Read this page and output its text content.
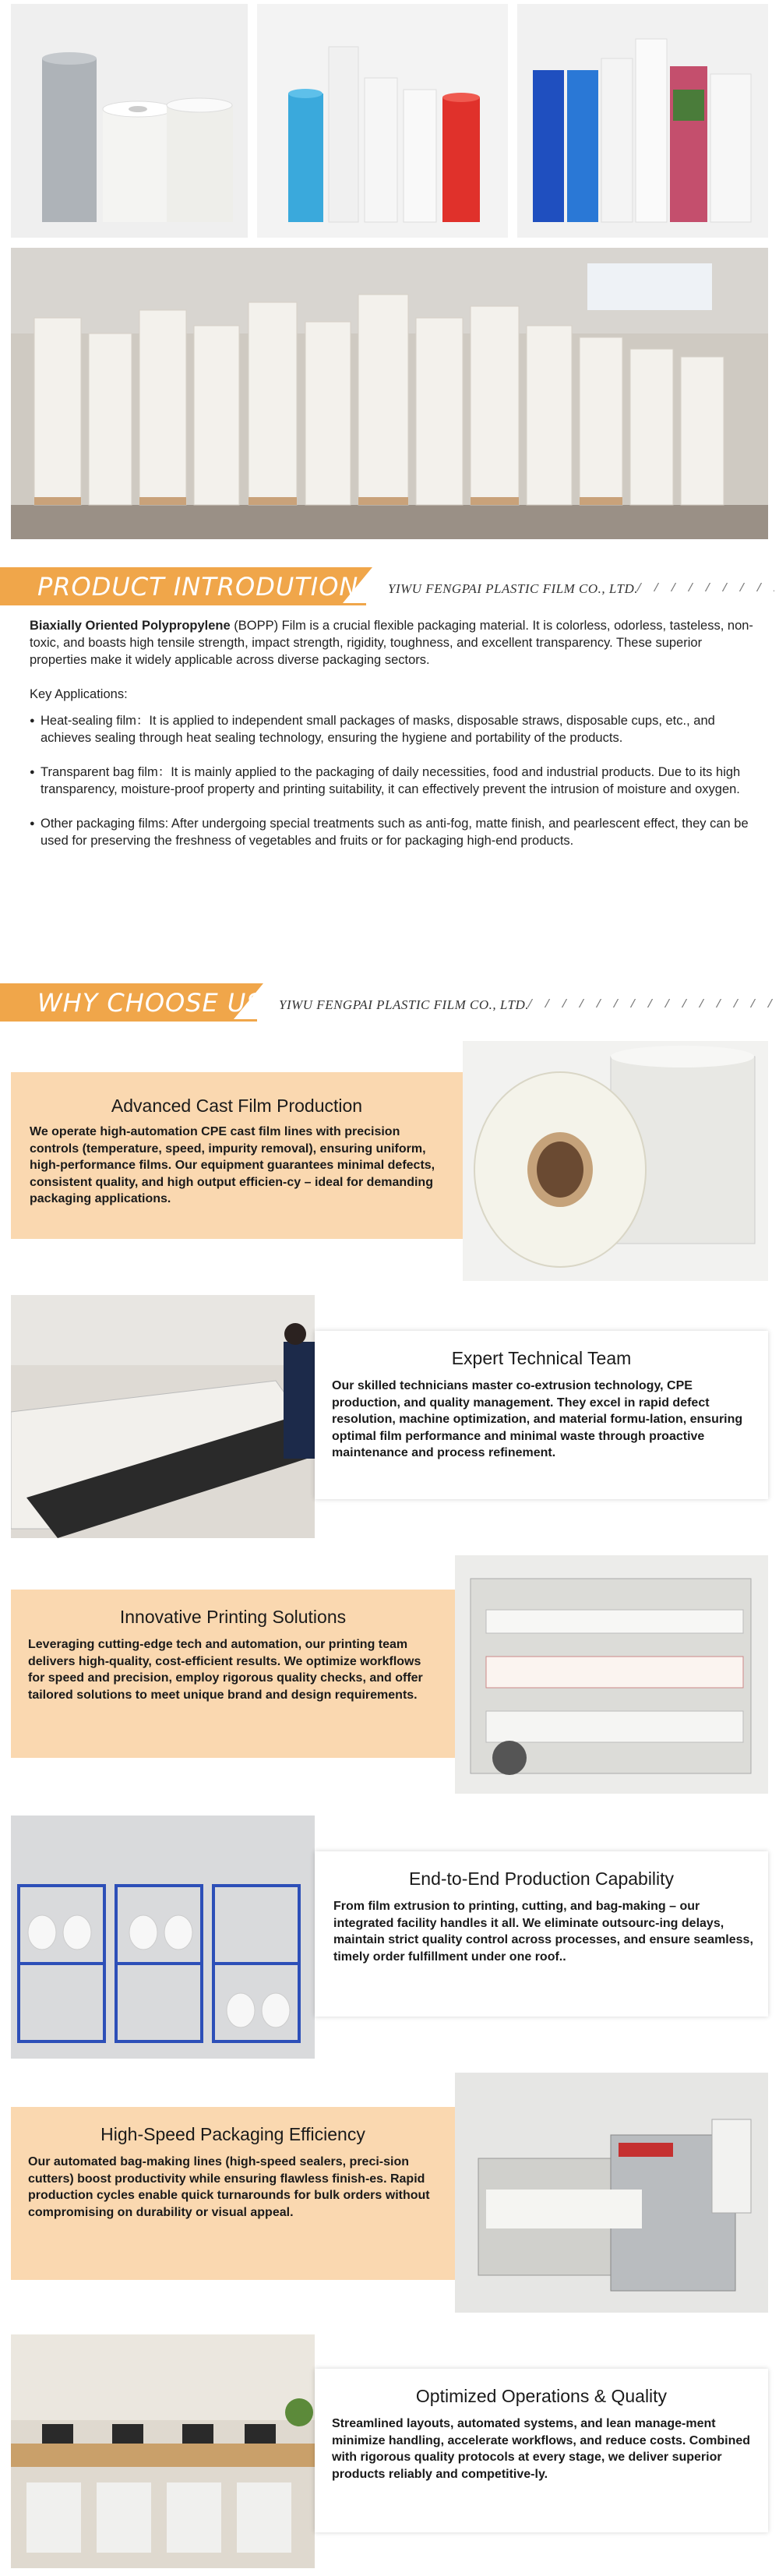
PRODUCT INTRODUTION YIWU FENGPAI PLASTIC FILM CO., LTD.
/ / / / / / / / / / / / / / / / / / / / / / / / / / / / / / / / / / / / /

Biaxially Oriented Polypropylene (BOPP) Film is a crucial flexible packaging material. It is colorless, odorless, tasteless, non-toxic, and boasts high tensile strength, impact strength, rigidity, toughness, and excellent transparency. These superior properties make it widely applicable across diverse packaging sectors.

Key Applications:

● Heat-sealing film：It is applied to independent small packages of masks, disposable straws, disposable cups, etc., and achieves sealing through heat sealing technology, ensuring the hygiene and portability of the products.
● Transparent bag film：It is mainly applied to the packaging of daily necessities, food and industrial products. Due to its high transparency, moisture-proof property and printing suitability, it can effectively prevent the intrusion of moisture and oxygen.
● Other packaging films: After undergoing special treatments such as anti-fog, matte finish, and pearlescent effect, they can be used for preserving the freshness of vegetables and fruits or for packaging high-end products.
WHY CHOOSE US YIWU FENGPAI PLASTIC FILM CO., LTD.
/ / / / / / / / / / / / / / / / / / / / / / / / / / / / / / / / / / / / /
Advanced Cast Film Production
We operate high-automation CPE cast film lines with precision controls (temperature, speed, impurity removal), ensuring uniform, high-performance films. Our equipment guarantees minimal defects, consistent quality, and high output efficien-cy – ideal for demanding packaging applications.
Expert Technical Team
Our skilled technicians master co-extrusion technology, CPE production, and quality management. They excel in rapid defect resolution, machine optimization, and material formu-lation, ensuring optimal film performance and minimal waste through proactive maintenance and process refinement.
Innovative Printing Solutions
Leveraging cutting-edge tech and automation, our printing team delivers high-quality, cost-efficient results. We optimize workflows for speed and precision, employ rigorous quality checks, and offer tailored solutions to meet unique brand and design requirements.
End-to-End Production Capability
From film extrusion to printing, cutting, and bag-making – our integrated facility handles it all. We eliminate outsourc-ing delays, maintain strict quality control across processes, and ensure seamless, timely order fulfillment under one roof..
High-Speed Packaging Efficiency
Our automated bag-making lines (high-speed sealers, preci-sion cutters) boost productivity while ensuring flawless finish-es. Rapid production cycles enable quick turnarounds for bulk orders without compromising on durability or visual appeal.
Optimized Operations & Quality
Streamlined layouts, automated systems, and lean manage-ment minimize handling, accelerate workflows, and reduce costs. Combined with rigorous quality protocols at every stage, we deliver superior products reliably and competitive-ly.
